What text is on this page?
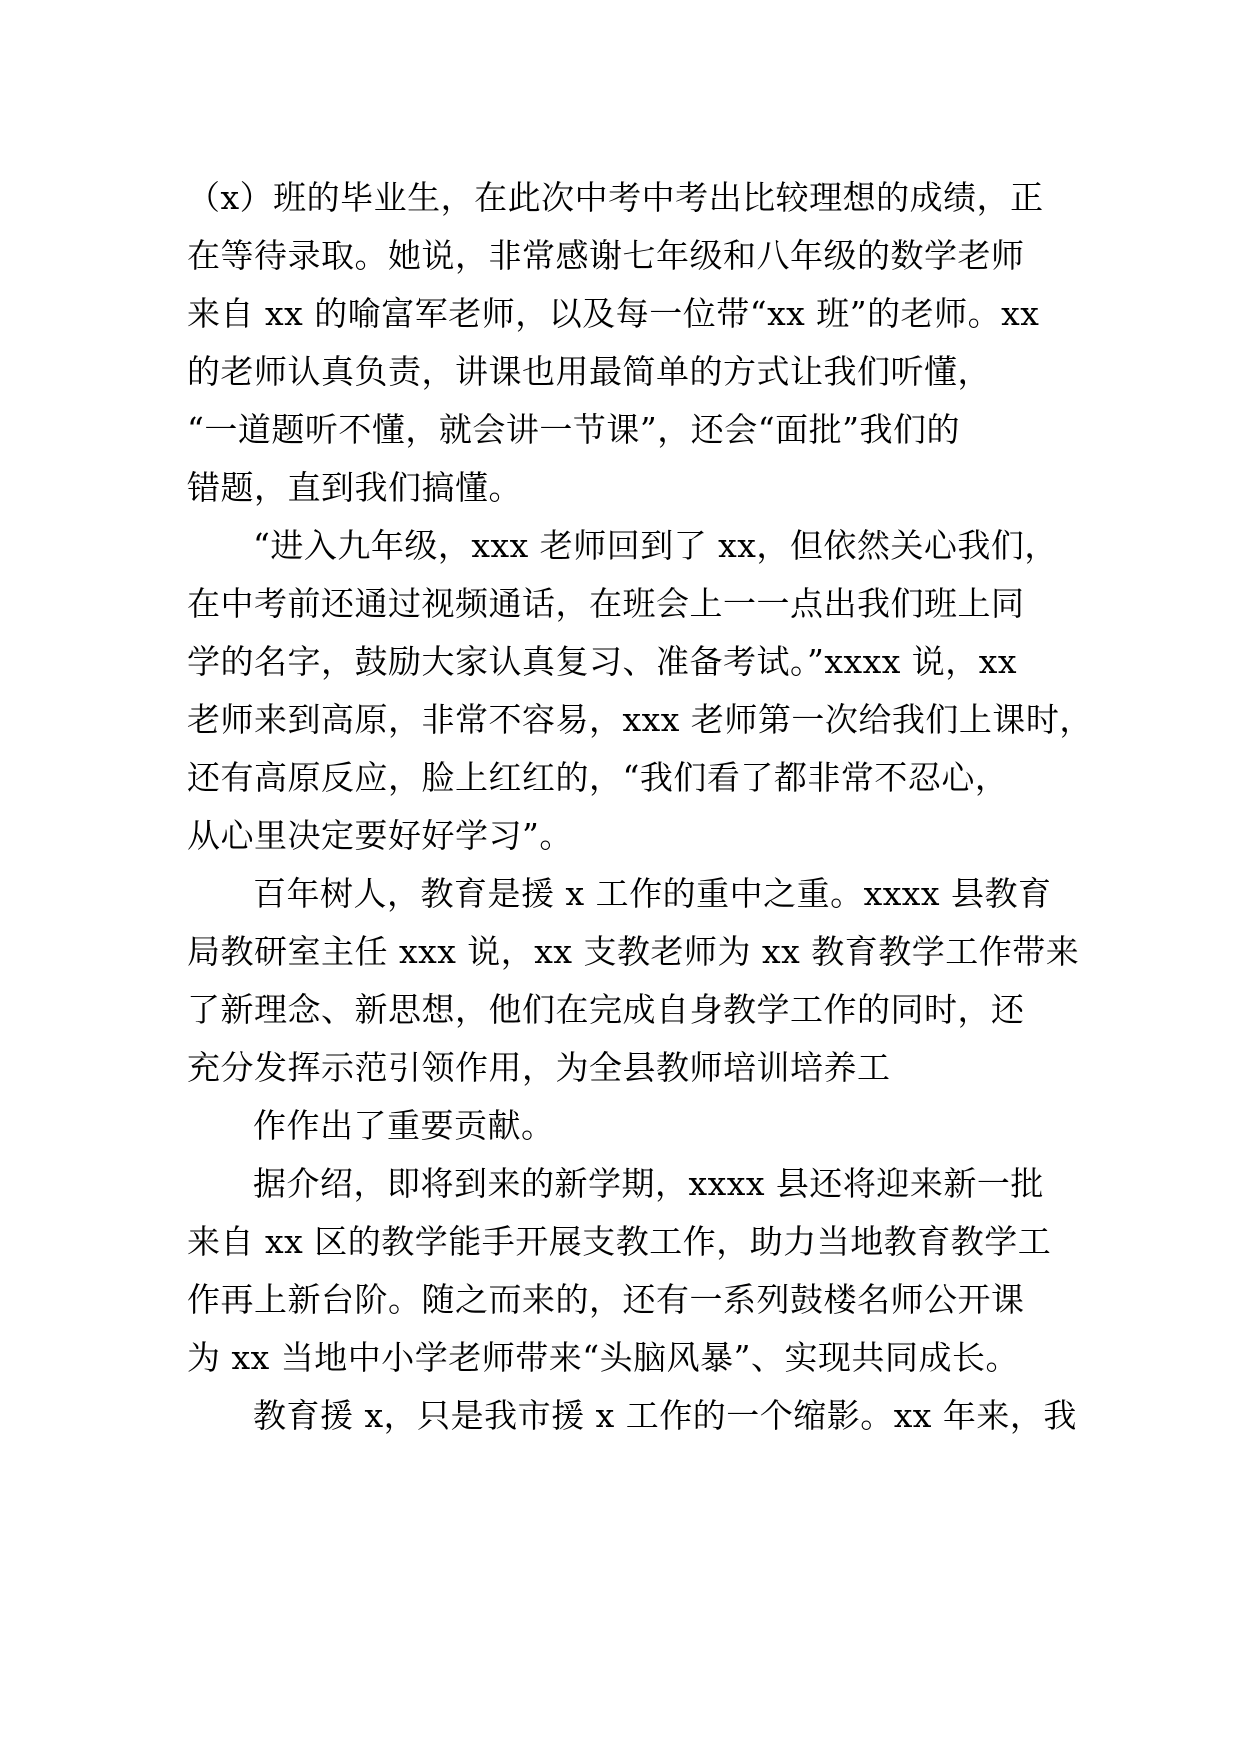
（x）班的毕业生，在此次中考中考出比较理想的成绩，正
在等待录取。她说，非常感谢七年级和八年级的数学老师
来自 xx 的喻富军老师，以及每一位带“xx 班”的老师。xx
的老师认真负责，讲课也用最简单的方式让我们听懂，
“一道题听不懂，就会讲一节课”，还会“面批”我们的
错题，直到我们搞懂。
“进入九年级，xxx 老师回到了 xx，但依然关心我们，
在中考前还通过视频通话，在班会上一一点出我们班上同
学的名字，鼓励大家认真复习、准备考试。”xxxx 说，xx
老师来到高原，非常不容易，xxx 老师第一次给我们上课时，
还有高原反应，脸上红红的，“我们看了都非常不忍心，
从心里决定要好好学习”。
百年树人，教育是援 x 工作的重中之重。xxxx 县教育
局教研室主任 xxx 说，xx 支教老师为 xx 教育教学工作带来
了新理念、新思想，他们在完成自身教学工作的同时，还
充分发挥示范引领作用，为全县教师培训培养工
作作出了重要贡献。
据介绍，即将到来的新学期，xxxx 县还将迎来新一批
来自 xx 区的教学能手开展支教工作，助力当地教育教学工
作再上新台阶。随之而来的，还有一系列鼓楼名师公开课
为 xx 当地中小学老师带来“头脑风暴”、实现共同成长。
教育援 x，只是我市援 x 工作的一个缩影。xx 年来，我
